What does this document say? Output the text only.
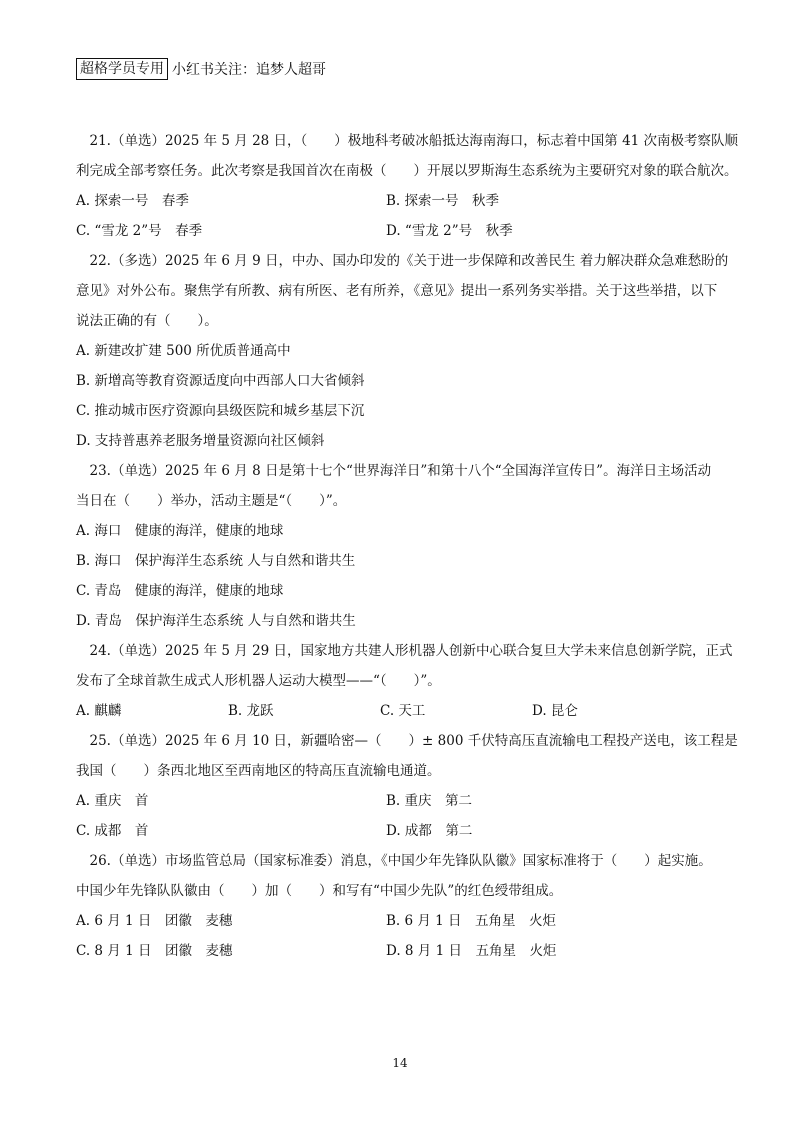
超格学员专用 小红书关注：追梦人超哥
21.（单选）2025 年 5 月 28 日，（　　）极地科考破冰船抵达海南海口，标志着中国第 41 次南极考察队顺
利完成全部考察任务。此次考察是我国首次在南极（　　）开展以罗斯海生态系统为主要研究对象的联合航次。
A. 探索一号　春季	B. 探索一号　秋季
C. “雪龙 2”号　春季	D. “雪龙 2”号　秋季
22.（多选）2025 年 6 月 9 日，中办、国办印发的《关于进一步保障和改善民生 着力解决群众急难愁盼的
意见》对外公布。聚焦学有所教、病有所医、老有所养，《意见》提出一系列务实举措。关于这些举措，以下
说法正确的有（　　）。
A. 新建改扩建 500 所优质普通高中
B. 新增高等教育资源适度向中西部人口大省倾斜
C. 推动城市医疗资源向县级医院和城乡基层下沉
D. 支持普惠养老服务增量资源向社区倾斜
23.（单选）2025 年 6 月 8 日是第十七个“世界海洋日”和第十八个“全国海洋宣传日”。海洋日主场活动
当日在（　　）举办，活动主题是“（　　）”。
A. 海口　健康的海洋，健康的地球
B. 海口　保护海洋生态系统 人与自然和谐共生
C. 青岛　健康的海洋，健康的地球
D. 青岛　保护海洋生态系统 人与自然和谐共生
24.（单选）2025 年 5 月 29 日，国家地方共建人形机器人创新中心联合复旦大学未来信息创新学院，正式
发布了全球首款生成式人形机器人运动大模型——“（　　）”。
A. 麒麟	B. 龙跃	C. 天工	D. 昆仑
25.（单选）2025 年 6 月 10 日，新疆哈密—（　　）± 800 千伏特高压直流输电工程投产送电，该工程是
我国（　　）条西北地区至西南地区的特高压直流输电通道。
A. 重庆　首	B. 重庆　第二
C. 成都　首	D. 成都　第二
26.（单选）市场监管总局（国家标准委）消息，《中国少年先锋队队徽》国家标准将于（　　）起实施。
中国少年先锋队队徽由（　　）加（　　）和写有“中国少先队”的红色绶带组成。
A. 6 月 1 日　团徽　麦穗	B. 6 月 1 日　五角星　火炬
C. 8 月 1 日　团徽　麦穗	D. 8 月 1 日　五角星　火炬
14
